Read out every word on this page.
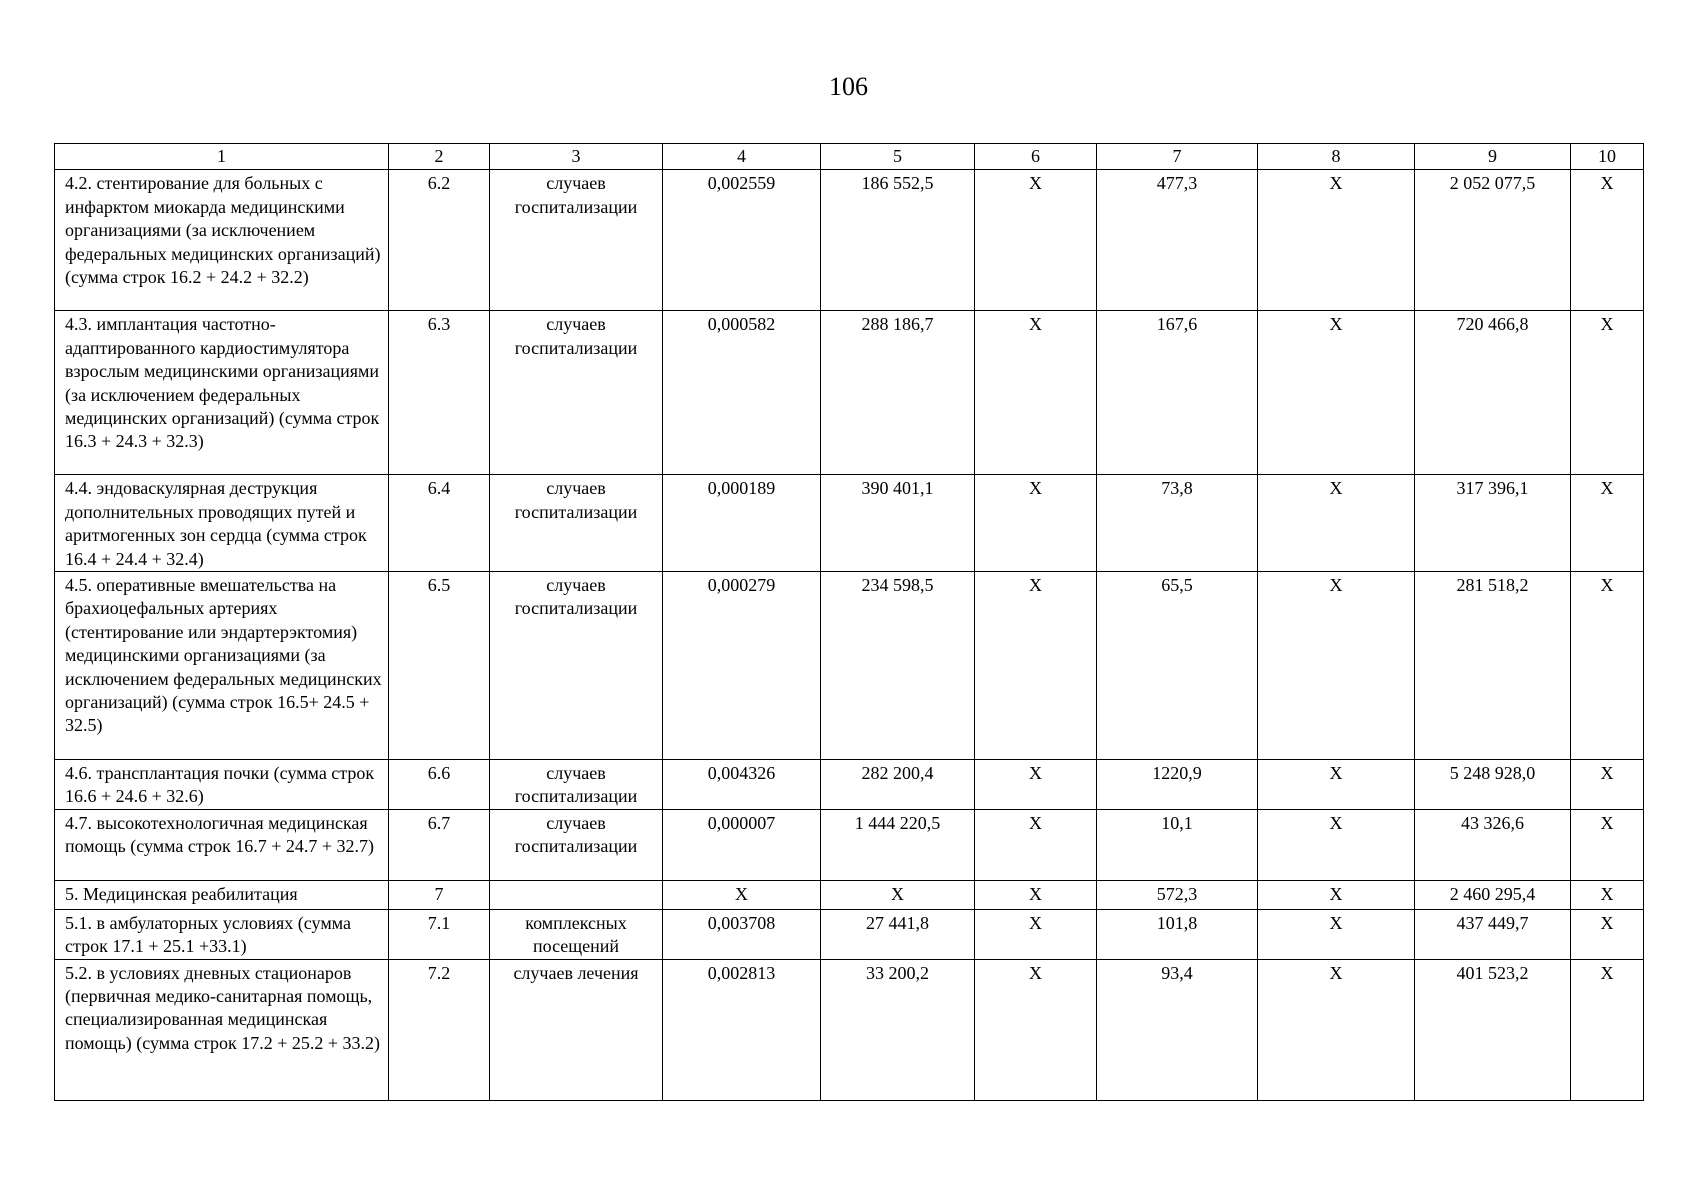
106
1	2	3	4	5	6	7	8	9	10
4.2. стентирование для больных с инфарктом миокарда медицинскими организациями (за исключением федеральных медицинских организаций) (сумма строк 16.2 + 24.2 + 32.2)	6.2	случаев госпитализации	0,002559	186 552,5	Х	477,3	Х	2 052 077,5	Х
4.3. имплантация частотно-адаптированного кардиостимулятора взрослым медицинскими организациями (за исключением федеральных медицинских организаций) (сумма строк 16.3 + 24.3 + 32.3)	6.3	случаев госпитализации	0,000582	288 186,7	Х	167,6	Х	720 466,8	Х
4.4. эндоваскулярная деструкция дополнительных проводящих путей и аритмогенных зон сердца (сумма строк 16.4 + 24.4 + 32.4)	6.4	случаев госпитализации	0,000189	390 401,1	Х	73,8	Х	317 396,1	Х
4.5. оперативные вмешательства на брахиоцефальных артериях (стентирование или эндартерэктомия) медицинскими организациями (за исключением федеральных медицинских организаций) (сумма строк 16.5+ 24.5 + 32.5)	6.5	случаев госпитализации	0,000279	234 598,5	Х	65,5	Х	281 518,2	Х
4.6. трансплантация почки (сумма строк 16.6 + 24.6 + 32.6)	6.6	случаев госпитализации	0,004326	282 200,4	Х	1220,9	Х	5 248 928,0	Х
4.7. высокотехнологичная медицинская помощь (сумма строк 16.7 + 24.7 + 32.7)	6.7	случаев госпитализации	0,000007	1 444 220,5	Х	10,1	Х	43 326,6	Х
5. Медицинская реабилитация	7		Х	Х	Х	572,3	Х	2 460 295,4	Х
5.1. в амбулаторных условиях (сумма строк 17.1 + 25.1 +33.1)	7.1	комплексных посещений	0,003708	27 441,8	Х	101,8	Х	437 449,7	Х
5.2. в условиях дневных стационаров (первичная медико-санитарная помощь, специализированная медицинская помощь) (сумма строк 17.2 + 25.2 + 33.2)	7.2	случаев лечения	0,002813	33 200,2	Х	93,4	Х	401 523,2	Х
